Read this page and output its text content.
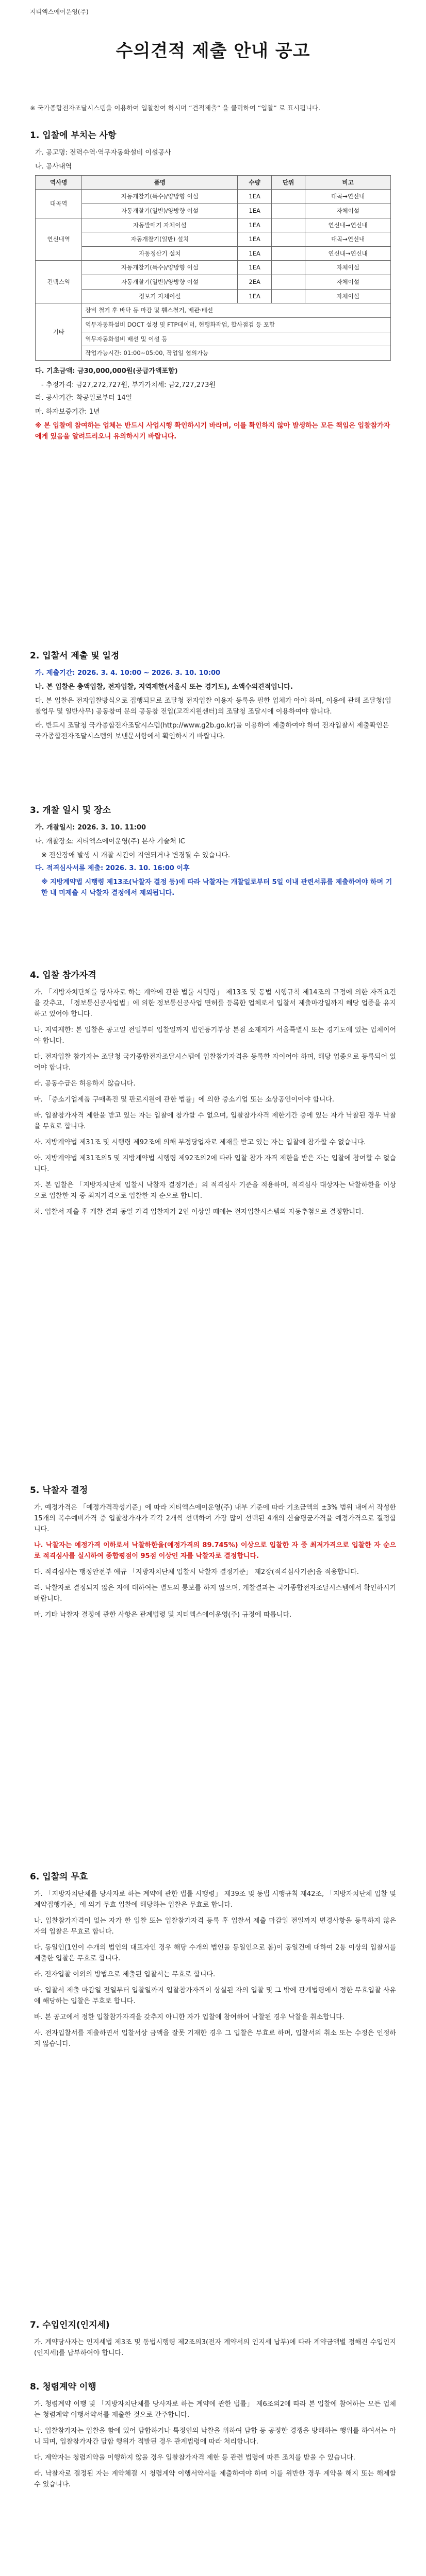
지티엑스에이운영(주)
수의견적 제출 안내 공고
※ 국가종합전자조달시스템을 이용하여 입찰참여 하시며 “견적제출” 을 클릭하여 “입찰” 로 표시됩니다.
1. 입찰에 부치는 사항
가. 공고명: 전력수역·역무자동화설비 이설공사
나. 공사내역
역사명	품명	수량	단위	비고
대곡역	자동개찰기(특수)/양방향 이설	1EA		대곡→연신내
	자동개찰기(일반)/양방향 이설	1EA		자체이설
연신내역	자동발매기 자체이설	1EA		연신내→연신내
	자동개찰기(일반) 설치	1EA		대곡→연신내
	자동정산기 설치	1EA		연신내→연신내
킨텍스역	자동개찰기(특수)/양방향 이설	1EA		자체이설
	자동개찰기(일반)/양방향 이설	2EA		자체이설
	정보기 자체이설	1EA		자체이설
기타	장비 철거 후 바닥 등 마감 및 휀스철거, 배관·배선			
	역무자동화설비 DOCT 설정 및 FTP데이터, 현행화작업, 합사점검 등 포함			
	역무자동화설비 배선 및 이설 등			
	작업가능시간: 01:00~05:00, 작업일 협의가능			
다. 기초금액: 금30,000,000원(공급가액포함)
- 추정가격: 금27,272,727원, 부가가치세: 금2,727,273원
라. 공사기간: 착공일로부터 14일
마. 하자보증기간: 1년
※ 본 입찰에 참여하는 업체는 반드시 사업시행 확인하시기 바라며, 이를 확인하지 않아 발생하는 모든 책임은 입찰참가자에게 있음을 알려드리오니 유의하시기 바랍니다.
2. 입찰서 제출 및 일정
가. 제출기간: 2026. 3. 4. 10:00 ~ 2026. 3. 10. 10:00
나. 본 입찰은 총액입찰, 전자입찰, 지역제한(서울시 또는 경기도), 소액수의견적입니다.
다. 본 입찰은 전자입찰방식으로 집행되므로 조달청 전자입찰 이용자 등록을 필한 업체가 아야 하며, 이용에 관해 조달청(입찰업무 및 일반사무) 공동참여 문의 공동참 전입(고객지원센터)의 조달청 조달시에 이용하여야 합니다.
라. 반드시 조달청 국가종합전자조달시스템(http://www.g2b.go.kr)을 이용하여 제출하여야 하며 전자입찰서 제출확인은 국가종합전자조달시스템의 보낸문서함에서 확인하시기 바랍니다.
3. 개찰 일시 및 장소
가. 개찰일시: 2026. 3. 10. 11:00
나. 개찰장소: 지티엑스에이운영(주) 본사 기술처 IC
※ 전산장애 발생 시 개찰 시간이 지연되거나 변경될 수 있습니다.
다. 적격심사서류 제출: 2026. 3. 10. 16:00 이후
※ 지방계약법 시행령 제13조(낙찰자 결정 등)에 따라 낙찰자는 개찰일로부터 5일 이내 관련서류를 제출하여야 하며 기한 내 미제출 시 낙찰자 결정에서 제외됩니다.
4. 입찰 참가자격
가. 「지방자치단체를 당사자로 하는 계약에 관한 법률 시행령」 제13조 및 동법 시행규칙 제14조의 규정에 의한 자격요건을 갖추고, 「정보통신공사업법」에 의한 정보통신공사업 면허를 등록한 업체로서 입찰서 제출마감일까지 해당 업종을 유지하고 있어야 합니다.
나. 지역제한: 본 입찰은 공고일 전일부터 입찰일까지 법인등기부상 본점 소재지가 서울특별시 또는 경기도에 있는 업체이어야 합니다.
다. 전자입찰 참가자는 조달청 국가종합전자조달시스템에 입찰참가자격을 등록한 자이어야 하며, 해당 업종으로 등록되어 있어야 합니다.
라. 공동수급은 허용하지 않습니다.
마. 「중소기업제품 구매촉진 및 판로지원에 관한 법률」에 의한 중소기업 또는 소상공인이어야 합니다.
바. 입찰참가자격 제한을 받고 있는 자는 입찰에 참가할 수 없으며, 입찰참가자격 제한기간 중에 있는 자가 낙찰된 경우 낙찰을 무효로 합니다.
사. 지방계약법 제31조 및 시행령 제92조에 의해 부정당업자로 제재를 받고 있는 자는 입찰에 참가할 수 없습니다.
아. 지방계약법 제31조의5 및 지방계약법 시행령 제92조의2에 따라 입찰 참가 자격 제한을 받은 자는 입찰에 참여할 수 없습니다.
자. 본 입찰은 「지방자치단체 입찰시 낙찰자 결정기준」의 적격심사 기준을 적용하며, 적격심사 대상자는 낙찰하한율 이상으로 입찰한 자 중 최저가격으로 입찰한 자 순으로 합니다.
차. 입찰서 제출 후 개찰 결과 동일 가격 입찰자가 2인 이상일 때에는 전자입찰시스템의 자동추첨으로 결정합니다.
5. 낙찰자 결정
가. 예정가격은 「예정가격작성기준」에 따라 지티엑스에이운영(주) 내부 기준에 따라 기초금액의 ±3% 범위 내에서 작성한 15개의 복수예비가격 중 입찰참가자가 각각 2개씩 선택하여 가장 많이 선택된 4개의 산술평균가격을 예정가격으로 결정합니다.
나. 낙찰자는 예정가격 이하로서 낙찰하한율(예정가격의 89.745%) 이상으로 입찰한 자 중 최저가격으로 입찰한 자 순으로 적격심사를 실시하여 종합평점이 95점 이상인 자를 낙찰자로 결정합니다.
다. 적격심사는 행정안전부 예규 「지방자치단체 입찰시 낙찰자 결정기준」 제2장(적격심사기준)을 적용합니다.
라. 낙찰자로 결정되지 않은 자에 대하여는 별도의 통보를 하지 않으며, 개찰결과는 국가종합전자조달시스템에서 확인하시기 바랍니다.
마. 기타 낙찰자 결정에 관한 사항은 관계법령 및 지티엑스에이운영(주) 규정에 따릅니다.
6. 입찰의 무효
가. 「지방자치단체를 당사자로 하는 계약에 관한 법률 시행령」 제39조 및 동법 시행규칙 제42조, 「지방자치단체 입찰 및 계약집행기준」에 의거 무효 입찰에 해당하는 입찰은 무효로 합니다.
나. 입찰참가자격이 없는 자가 한 입찰 또는 입찰참가자격 등록 후 입찰서 제출 마감일 전일까지 변경사항을 등록하지 않은 자의 입찰은 무효로 합니다.
다. 동일인(1인이 수개의 법인의 대표자인 경우 해당 수개의 법인을 동일인으로 봄)이 동일건에 대하여 2통 이상의 입찰서를 제출한 입찰은 무효로 합니다.
라. 전자입찰 이외의 방법으로 제출된 입찰서는 무효로 합니다.
마. 입찰서 제출 마감일 전일부터 입찰일까지 입찰참가자격이 상실된 자의 입찰 및 그 밖에 관계법령에서 정한 무효입찰 사유에 해당하는 입찰은 무효로 합니다.
바. 본 공고에서 정한 입찰참가자격을 갖추지 아니한 자가 입찰에 참여하여 낙찰된 경우 낙찰을 취소합니다.
사. 전자입찰서를 제출하면서 입찰서상 금액을 잘못 기재한 경우 그 입찰은 무효로 하며, 입찰서의 취소 또는 수정은 인정하지 않습니다.
7. 수입인지(인지세)
가. 계약당사자는 인지세법 제3조 및 동법시행령 제2조의3(전자 계약서의 인지세 납부)에 따라 계약금액별 정해진 수입인지(인지세)를 납부하여야 합니다.
8. 청렴계약 이행
가. 청렴계약 이행 및 「지방자치단체를 당사자로 하는 계약에 관한 법률」 제6조의2에 따라 본 입찰에 참여하는 모든 업체는 청렴계약 이행서약서를 제출한 것으로 간주합니다.
나. 입찰참가자는 입찰을 함에 있어 담합하거나 특정인의 낙찰을 위하여 담합 등 공정한 경쟁을 방해하는 행위를 하여서는 아니 되며, 입찰참가자간 담합 행위가 적발된 경우 관계법령에 따라 처리합니다.
다. 계약자는 청렴계약을 이행하지 않을 경우 입찰참가자격 제한 등 관련 법령에 따른 조치를 받을 수 있습니다.
라. 낙찰자로 결정된 자는 계약체결 시 청렴계약 이행서약서를 제출하여야 하며 이를 위반한 경우 계약을 해지 또는 해제할 수 있습니다.
